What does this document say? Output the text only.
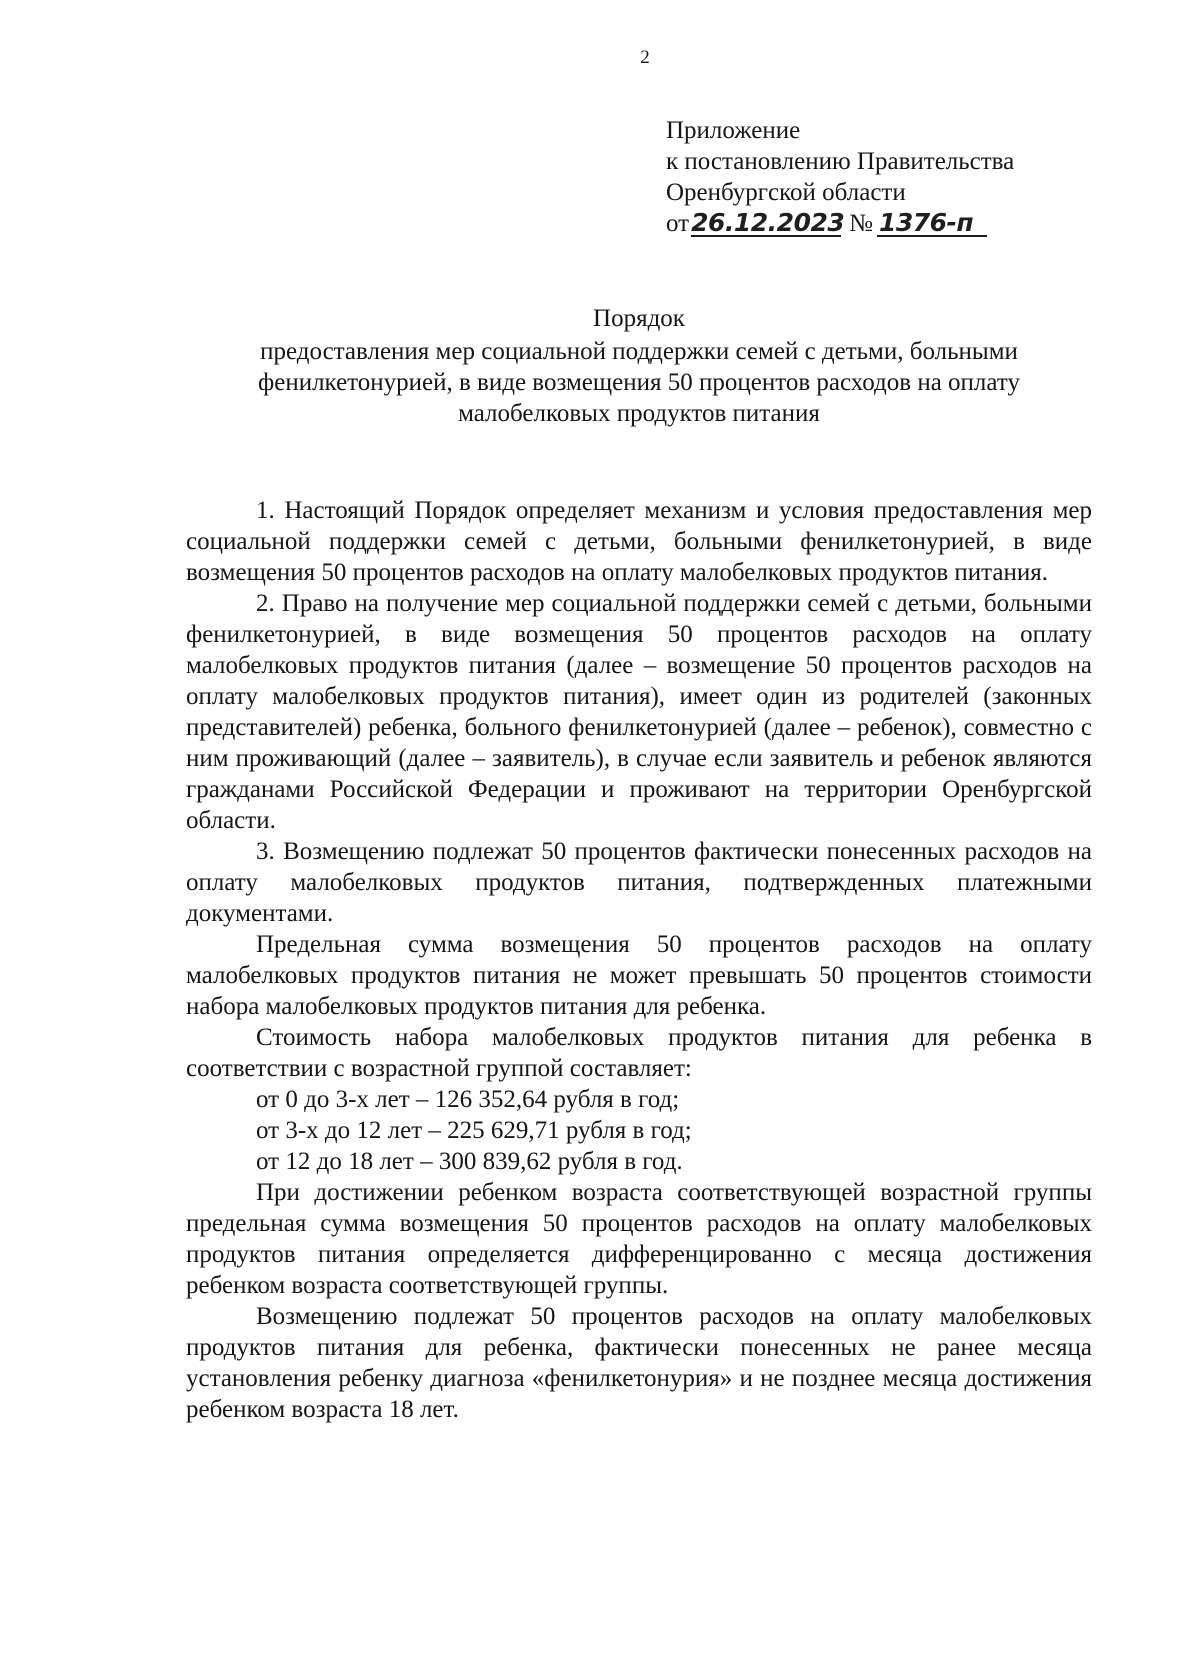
2
Приложение
к постановлению Правительства
Оренбургской области
от 26.12.2023 № 1376-п
Порядок
предоставления мер социальной поддержки семей с детьми, больными
фенилкетонурией, в виде возмещения 50 процентов расходов на оплату
малобелковых продуктов питания

1. Настоящий Порядок определяет механизм и условия предоставления мер социальной поддержки семей с детьми, больными фенилкетонурией, в виде возмещения 50 процентов расходов на оплату малобелковых продуктов питания.

2. Право на получение мер социальной поддержки семей с детьми, больными фенилкетонурией, в виде возмещения 50 процентов расходов на оплату малобелковых продуктов питания (далее – возмещение 50 процентов расходов на оплату малобелковых продуктов питания), имеет один из родителей (законных представителей) ребенка, больного фенилкетонурией (далее – ребенок), совместно с ним проживающий (далее – заявитель), в случае если заявитель и ребенок являются гражданами Российской Федерации и проживают на территории Оренбургской области.

3. Возмещению подлежат 50 процентов фактически понесенных расходов на оплату малобелковых продуктов питания, подтвержденных платежными документами.

Предельная сумма возмещения 50 процентов расходов на оплату малобелковых продуктов питания не может превышать 50 процентов стоимости набора малобелковых продуктов питания для ребенка.

Стоимость набора малобелковых продуктов питания для ребенка в соответствии с возрастной группой составляет:

от 0 до 3-х лет – 126 352,64 рубля в год;

от 3-х до 12 лет – 225 629,71 рубля в год;

от 12 до 18 лет – 300 839,62 рубля в год.

При достижении ребенком возраста соответствующей возрастной группы предельная сумма возмещения 50 процентов расходов на оплату малобелковых продуктов питания определяется дифференцированно с месяца достижения ребенком возраста соответствующей группы.

Возмещению подлежат 50 процентов расходов на оплату малобелковых продуктов питания для ребенка, фактически понесенных не ранее месяца установления ребенку диагноза «фенилкетонурия» и не позднее месяца достижения ребенком возраста 18 лет.
